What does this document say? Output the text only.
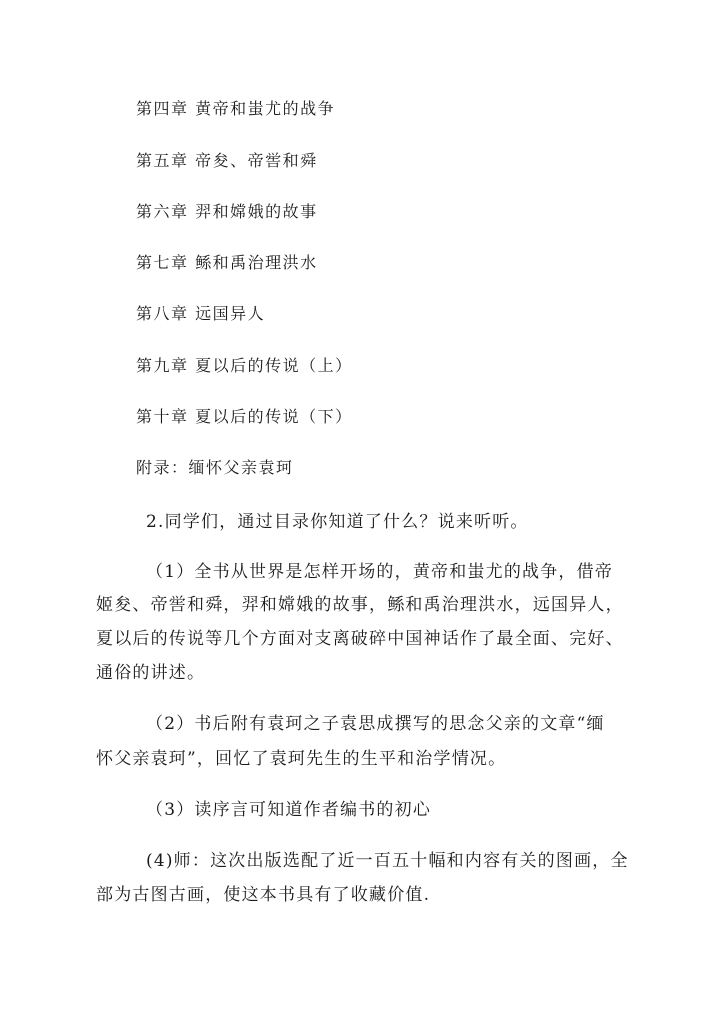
第四章 黄帝和蚩尤的战争
第五章 帝夋、帝喾和舜
第六章 羿和嫦娥的故事
第七章 鲧和禹治理洪水
第八章 远国异人
第九章 夏以后的传说（上）
第十章 夏以后的传说（下）
附录：缅怀父亲袁珂
2.同学们，通过目录你知道了什么？说来听听。
（1）全书从世界是怎样开场的，黄帝和蚩尤的战争，借帝
姬夋、帝喾和舜，羿和嫦娥的故事，鲧和禹治理洪水，远国异人，
夏以后的传说等几个方面对支离破碎中国神话作了最全面、完好、
通俗的讲述。
（2）书后附有袁珂之子袁思成撰写的思念父亲的文章“缅
怀父亲袁珂”，回忆了袁珂先生的生平和治学情况。
（3）读序言可知道作者编书的初心
(4)师：这次出版选配了近一百五十幅和内容有关的图画，全
部为古图古画，使这本书具有了收藏价值.
